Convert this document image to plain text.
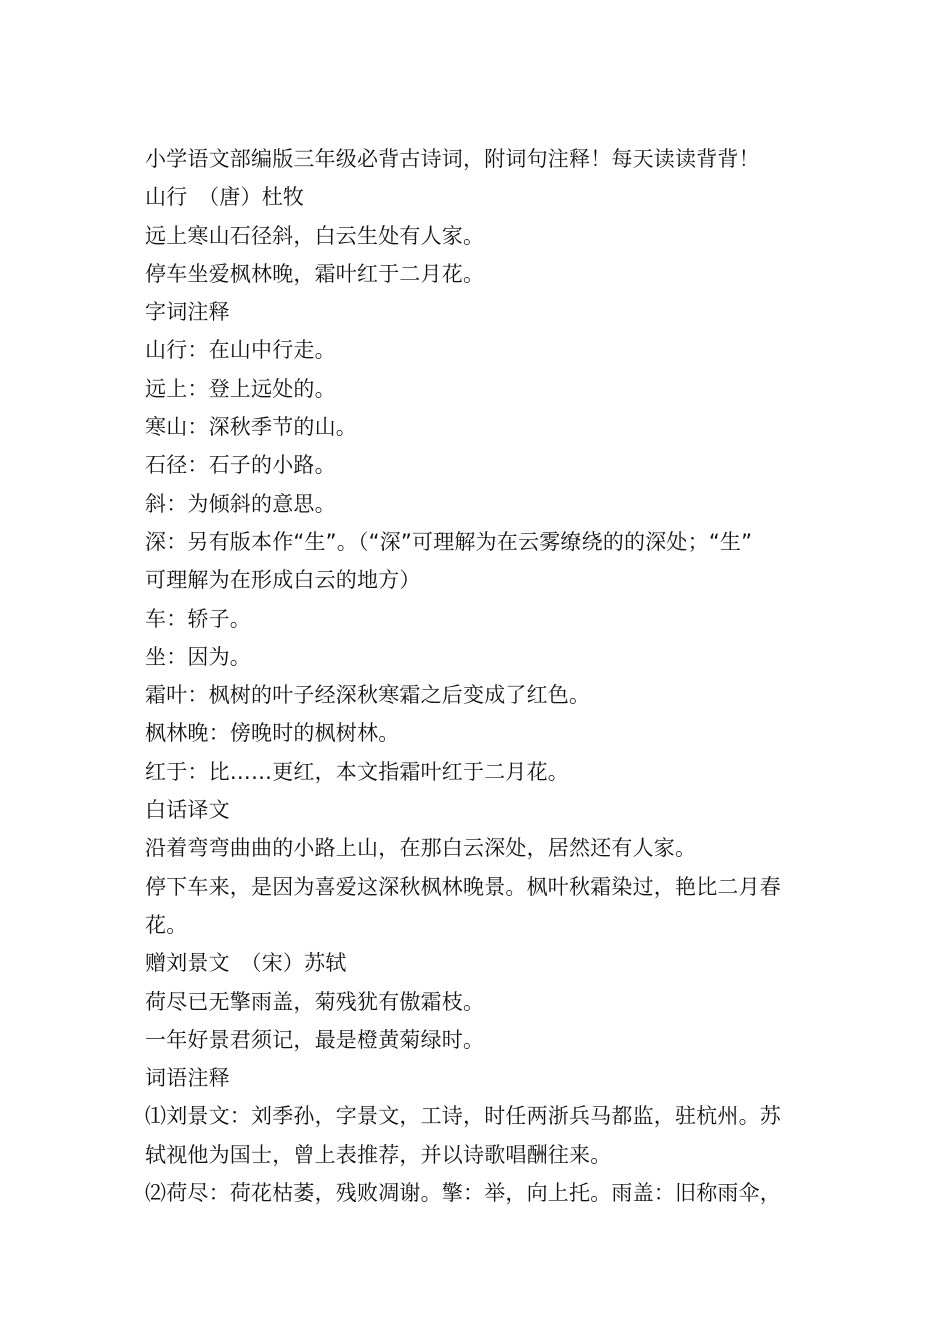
小学语文部编版三年级必背古诗词，附词句注释！每天读读背背！
山行　（唐）杜牧
远上寒山石径斜，白云生处有人家。
停车坐爱枫林晚，霜叶红于二月花。
字词注释
山行：在山中行走。
远上：登上远处的。
寒山：深秋季节的山。
石径：石子的小路。
斜：为倾斜的意思。
深：另有版本作“生”。（“深”可理解为在云雾缭绕的的深处；“生”
可理解为在形成白云的地方）
车：轿子。
坐：因为。
霜叶：枫树的叶子经深秋寒霜之后变成了红色。
枫林晚：傍晚时的枫树林。
红于：比……更红，本文指霜叶红于二月花。
白话译文
沿着弯弯曲曲的小路上山，在那白云深处，居然还有人家。
停下车来，是因为喜爱这深秋枫林晚景。枫叶秋霜染过，艳比二月春
花。
赠刘景文　（宋）苏轼
荷尽已无擎雨盖，菊残犹有傲霜枝。
一年好景君须记，最是橙黄菊绿时。
词语注释
⑴刘景文：刘季孙，字景文，工诗，时任两浙兵马都监，驻杭州。苏
轼视他为国士，曾上表推荐，并以诗歌唱酬往来。
⑵荷尽：荷花枯萎，残败凋谢。擎：举，向上托。雨盖：旧称雨伞，
